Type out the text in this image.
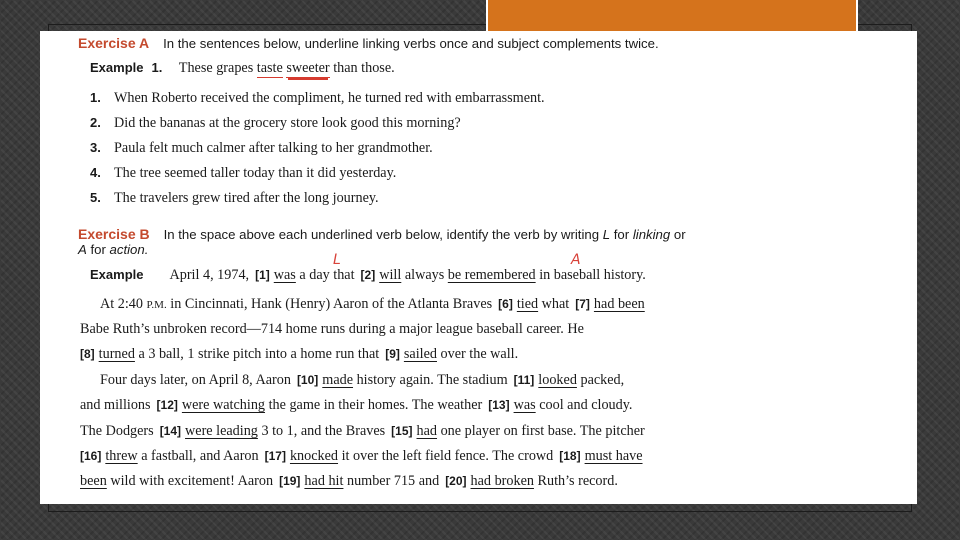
Exercise A In the sentences below, underline linking verbs once and subject complements twice.
Example 1. These grapes taste sweeter than those.
1. When Roberto received the compliment, he turned red with embarrassment.
2. Did the bananas at the grocery store look good this morning?
3. Paula felt much calmer after talking to her grandmother.
4. The tree seemed taller today than it did yesterday.
5. The travelers grew tired after the long journey.
Exercise B In the space above each underlined verb below, identify the verb by writing L for linking or
A for action.
L	A
Example April 4, 1974, [1] was a day that [2] will always be remembered in baseball history.
At 2:40 P.M. in Cincinnati, Hank (Henry) Aaron of the Atlanta Braves [6] tied what [7] had been
Babe Ruth’s unbroken record—714 home runs during a major league baseball career. He
[8] turned a 3 ball, 1 strike pitch into a home run that [9] sailed over the wall.
Four days later, on April 8, Aaron [10] made history again. The stadium [11] looked packed,
and millions [12] were watching the game in their homes. The weather [13] was cool and cloudy.
The Dodgers [14] were leading 3 to 1, and the Braves [15] had one player on first base. The pitcher
[16] threw a fastball, and Aaron [17] knocked it over the left field fence. The crowd [18] must have
been wild with excitement! Aaron [19] had hit number 715 and [20] had broken Ruth’s record.
